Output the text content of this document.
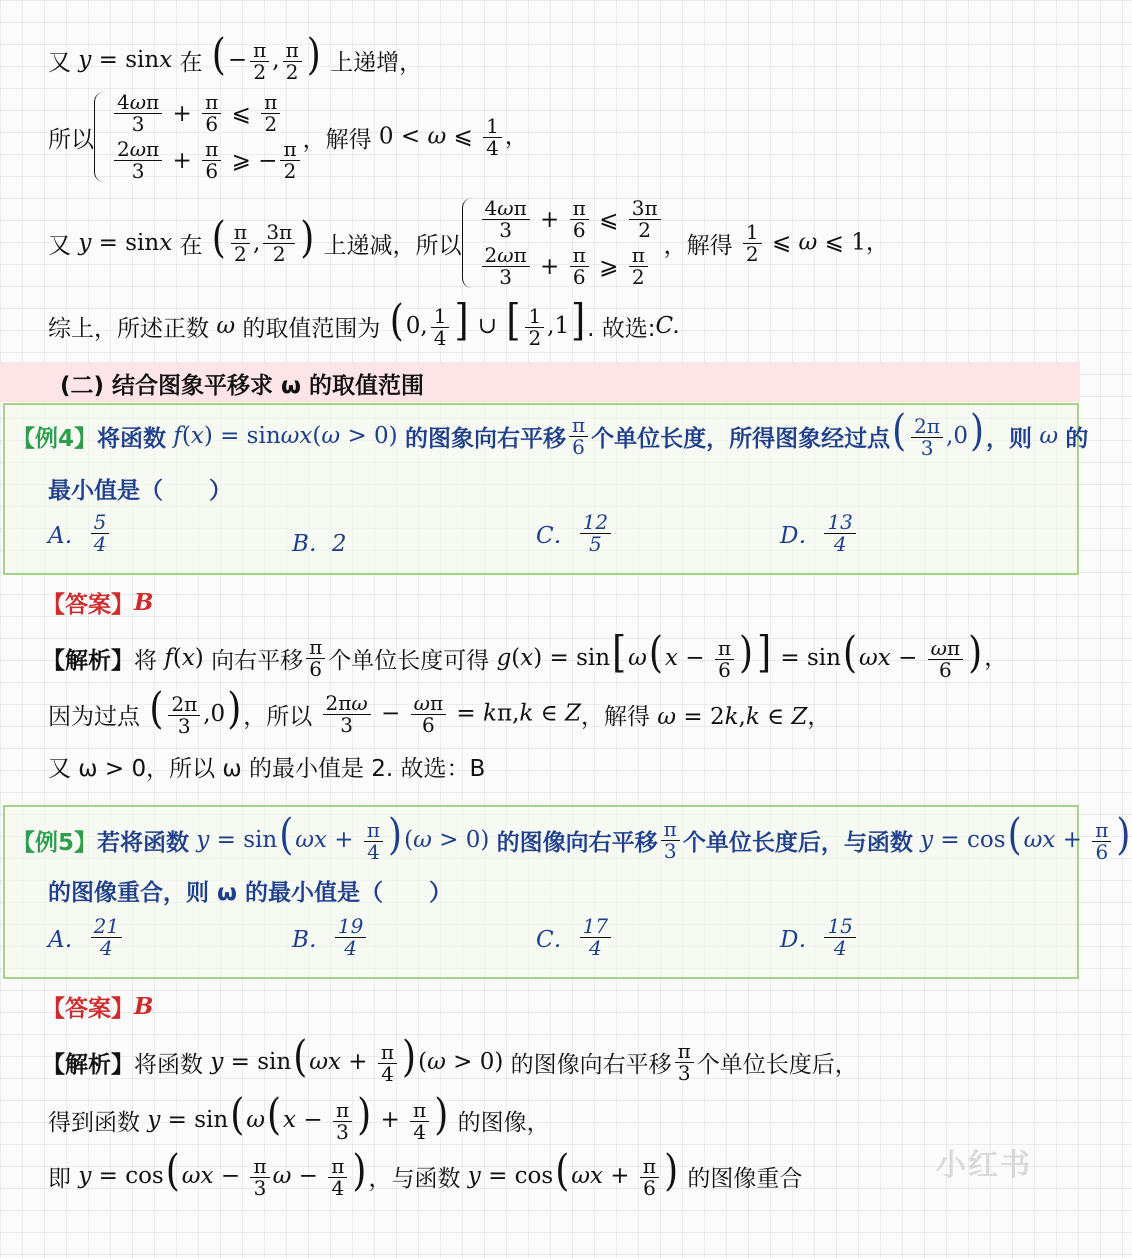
又 y = sinx 在 (− $\frac{\pi}{2}$ , $\frac{\pi}{2}$ ) 上递增，
所以
$\frac{4\omega\pi}{3} + \frac{\pi}{6}$ ⩽ $\frac{\pi}{2}$
$\frac{2\omega\pi}{3} + \frac{\pi}{6}$ ⩾ − $\frac{\pi}{2}$ ，解得 0 < ω ⩽ $\frac{1}{4}$ ，
又 y = sinx 在 ( $\frac{\pi}{2}$ , $\frac{3\pi}{2}$ ) 上递减，所以
$\frac{4\omega\pi}{3} + \frac{\pi}{6}$ ⩽ $\frac{3\pi}{2}$
$\frac{2\omega\pi}{3} + \frac{\pi}{6}$ ⩾ $\frac{\pi}{2}$ ，解得
$\frac{1}{2}$ ⩽ ω ⩽ 1，
综上，所述正数 ω 的取值范围为 (0, $\frac{1}{4}$ ] ∪ [ $\frac{1}{2} ,1$] . 故选: C.
(二) 结合图象平移求 ω 的取值范围
【例4】 将函数 f(x) = sinωx(ω > 0) 的图象向右平移 $\frac{\pi}{6}$ 个单位长度，所得图象经过点 ( $\frac{2\pi}{3} ,0$) ，则 ω 的
最小值是（　　）
A． $\frac{5}{4}$	B．2	C． $\frac{12}{5}$	D． $\frac{13}{4}$
【答案】 B
【解析】 将 f(x) 向右平移 $\frac{\pi}{6}$ 个单位长度可得 $g(x) = \sin[\omega(x - \frac{\pi}{6}$ ) ] = $\sin(\omega x - \frac{\omega\pi}{6}$ )，
因为过点 ( $\frac{2\pi}{3} ,0$) ，所以
$\frac{2\pi\omega}{3} - \frac{\omega\pi}{6} = k\pi,k$ ∈ Z ，解得 ω = 2k,k ∈ Z，
又 ω > 0，所以 ω 的最小值是 2. 故选：B
【例5】 若将函数 $y = \sin(\omega x + \frac{\pi}{4} )(\omega > 0)$ 的图像向右平移 $\frac{\pi}{3}$ 个单位长度后，与函数 $y = \cos(\omega x + \frac{\pi}{6}$ )
的图像重合，则 ω 的最小值是（　　）
A． $\frac{21}{4}$	B． $\frac{19}{4}$	C． $\frac{17}{4}$	D． $\frac{15}{4}$
【答案】 B
【解析】 将函数 $y = \sin(\omega x + \frac{\pi}{4} )(\omega > 0)$ 的图像向右平移 $\frac{\pi}{3}$ 个单位长度后，
得到函数 $y = \sin(\omega(x - \frac{\pi}{3}$ ) + $\frac{\pi}{4}$ ) 的图像，
即 $y = \cos(\omega x - \frac{\pi}{3}$ $\omega - \frac{\pi}{4}$ ) ，与函数 $y = \cos(\omega x + \frac{\pi}{6}$ ) 的图像重合	小红书
